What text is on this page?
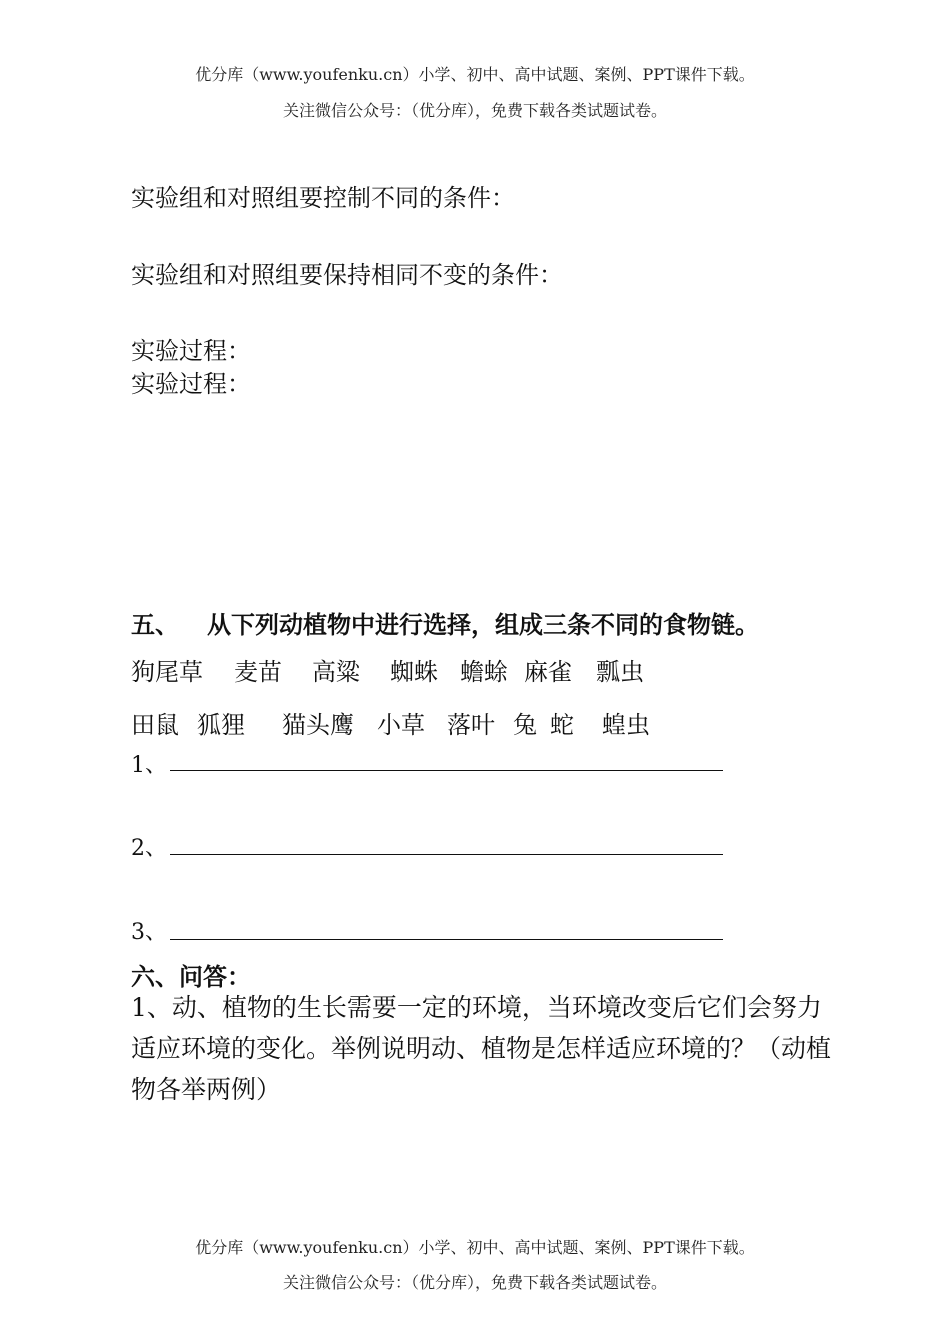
优分库（www.youfenku.cn）小学、初中、高中试题、案例、PPT课件下载。
关注微信公众号：（优分库），免费下载各类试题试卷。
实验组和对照组要控制不同的条件：
实验组和对照组要保持相同不变的条件：
实验过程：
实验过程：
五、 从下列动植物中进行选择，组成三条不同的食物链。
狗尾草 麦苗 高粱 蜘蛛 蟾蜍 麻雀 瓢虫
田鼠 狐狸 猫头鹰 小草 落叶 兔 蛇 蝗虫
1、
2、
3、
六、问答：
1、动、植物的生长需要一定的环境，当环境改变后它们会努力适应环境的变化。举例说明动、植物是怎样适应环境的？（动植物各举两例）
优分库（www.youfenku.cn）小学、初中、高中试题、案例、PPT课件下载。
关注微信公众号：（优分库），免费下载各类试题试卷。
